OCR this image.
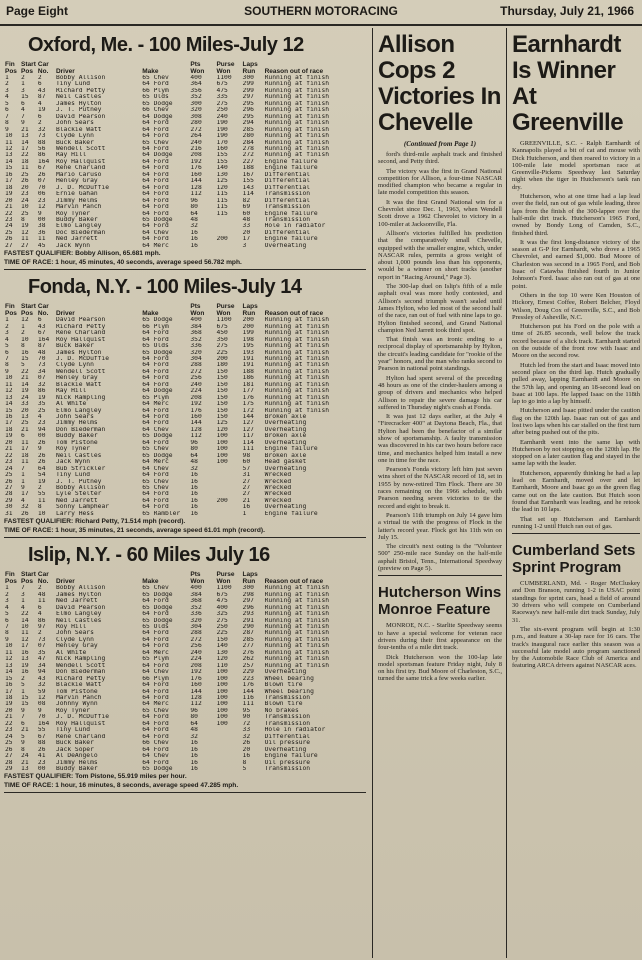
Page Eight	SOUTHERN MOTORACING	Thursday, July 21, 1966
Oxford, Me. - 100 Miles-July 12
Fin Pos	Start Pos	Car No.	Driver	Make	Pts Won	Purse Won	Laps Run	Reason out of race
1	2	2	Bobby Allison	65 Chev	400	1100	300	Running at finish
2	1	6	Tiny Lund	64 Ford	364	675	299	Running at finish
3	3	43	Richard Petty	66 Plym	356	475	299	Running at finish
4	15	87	Neil Castles	65 Olds	352	335	297	Running at finish
5	6	4	James Hylton	65 Dodge	300	275	295	Running at finish
6	4	19	J. T. Putney	66 Chev	320	250	296	Running at finish
7	7	6	David Pearson	64 Dodge	308	240	295	Running at finish
8	9	2	John Sears	64 Ford	280	190	294	Running at finish
9	21	32	Blackie Watt	64 Ford	272	190	285	Running at finish
10	13	73	Clyde Lynn	64 Ford	264	190	280	Running at finish
11	14	88	Buck Baker	65 Chev	240	170	284	Running at finish
12	17	56	Wendell Scott	64 Ford	216	160	278	Running at finish
13	22	86	Ray Hill	64 Dodge	208	155	272	Running at finish
14	18	164	Roy Hallquist	64 Ford	192	155	227	Engine failure
15	11	67	Rene Charland	64 Ford	176	140	188	Engine failure
16	25	26	Mario Caruso	64 Ford	160	130	167	Differential
17	26	07	Henley Gray	64 Ford	144	125	155	Differential
18	20	70	J. D. McDuffie	64 Ford	128	120	143	Differential
19	23	06	Ernie Gahan	64 Ford	112	115	114	Transmission
20	24	23	Jimmy Helms	64 Ford	96	115	82	Differential
21	10	12	Marvin Panch	64 Ford	80	115	69	Transmission
22	25	9	Roy Tyner	64 Ford	64	115	60	Engine failure
23	8	00	Buddy Baker	65 Dodge	48		48	Transmission
24	19	38	Elmo Langley	64 Ford	32		33	Hole in radiator
25	12	36	Doc Biederman	64 Chev	16		20	Differential
26	11	11	Ned Jarrett	64 Ford	16	200	17	Engine failure
27	27	45	Jack Wynn	64 Merc	16		3	Overheating
FASTEST QUALIFIER: Bobby Allison, 65.681 mph.
TIME OF RACE: 1 hour, 45 minutes, 40 seconds, average speed 56.782 mph.
Fonda, N.Y. - 100 Miles-July 14
Fin Pos	Start Pos	Car No.	Driver	Make	Pts Won	Purse Won	Laps Run	Reason out of race
1	12	6	David Pearson	65 Dodge	400	1100	200	Running at finish
2	1	43	Richard Petty	66 Plym	384	675	200	Running at finish
3	2	67	Rene Charland	64 Ford	368	450	199	Running at finish
4	10	164	Roy Hallquist	64 Ford	352	350	198	Running at finish
5	8	87	Buck Baker	65 Olds	336	275	195	Running at finish
6	16	48	James Hylton	65 Dodge	320	225	193	Running at finish
7	15	70	J. D. McDuffie	64 Ford	304	200	191	Running at finish
8	5	73	Clyde Lynn	64 Ford	288	180	191	Running at finish
9	22	34	Wendell Scott	64 Ford	272	150	188	Running at finish
10	21	07	Henley Gray	64 Ford	256	150	186	Running at finish
11	14	32	Blackie Watt	64 Ford	240	150	181	Running at finish
12	19	86	Ray Hill	64 Dodge	224	150	177	Running at finish
13	24	19	Nick Rampling	65 Plym	208	150	176	Running at finish
14	33	35	Al White	64 Merc	192	150	175	Running at finish
15	20	25	Elmo Langley	64 Ford	176	150	172	Running at finish
16	13	4	John Sears	64 Ford	160	150	144	Broken axle
17	25	23	Jimmy Helms	64 Ford	144	125	127	Overheating
18	21	94	Don Biederman	64 Chev	128	120	127	Overheating
19	6	00	Buddy Baker	65 Dodge	112	100	117	Broken axle
20	11	26	Tom Pistone	64 Ford	96	100	114	Overheating
21	17	9	Roy Tyner	65 Chev	80	100	111	Engine failure
22	18	26	Neil Castles	65 Dodge	64	100	98	Broken axle
23	11	26	Jack Wynn	64 Merc	48	100	60	Head gasket
24	7	64	Bub Strickler	64 Chev	32		57	Overheating
25	1	54	Tiny Lund	64 Ford	16		31	Wrecked
26	1	19	J. T. Putney	65 Chev	16		27	Wrecked
27	9	2	Bobby Allison	65 Chev	16		27	Wrecked
28	17	55	Lyle Stelter	64 Ford	16		27	Wrecked
29	4	11	Ned Jarrett	64 Ford	16	200	21	Wrecked
30	32	8	Sonny Lamphear	64 Ford	16		16	Overheating
31	26	10	Larry Hess	65 Rambler	16		1	Engine failure
FASTEST QUALIFIER: Richard Petty, 71.514 mph (record).
TIME OF RACE: 1 hour, 35 minutes, 21 seconds, average speed 61.01 mph (record).
Islip, N.Y. - 60 Miles July 16
Fin Pos	Start Pos	Car No.	Driver	Make	Pts Won	Purse Won	Laps Run	Reason out of race
1	7	2	Bobby Allison	65 Chev	400	1100	300	Running at finish
2	3	48	James Hylton	65 Dodge	384	675	298	Running at finish
3	1	11	Ned Jarrett	64 Ford	368	475	297	Running at finish
4	4	6	David Pearson	65 Dodge	352	400	296	Running at finish
5	22	4	Elmo Langley	64 Ford	336	325	293	Running at finish
6	14	86	Neil Castles	65 Dodge	320	275	291	Running at finish
7	10	97	Roy Hill	65 Olds	304	250	290	Running at finish
8	11	2	John Sears	64 Ford	288	225	287	Running at finish
9	12	73	Clyde Lynn	64 Ford	272	150	285	Running at finish
10	17	07	Henley Gray	64 Ford	256	140	277	Running at finish
11	16	35	Al White	64 Merc	240	130	276	Running at finish
12	13	47	Nick Rampling	65 Plym	224	120	262	Running at finish
13	19	34	Wendell Scott	64 Ford	208	110	257	Running at finish
14	16	94	Don Biederman	64 Chev	192	100	229	Overheating
15	2	43	Richard Petty	66 Plym	176	100	223	Wheel bearing
16	5	32	Blackie Watt	64 Ford	160	100	176	Blown tire
17	1	59	Tom Pistone	64 Ford	144	100	144	Wheel bearing
18	15	12	Marvin Panch	64 Ford	128	100	116	Transmission
19	15	08	Johnny Wynn	64 Merc	112	100	111	Blown tire
20	9	9	Roy Tyner	65 Chev	96	100	95	No brakes
21	7	70	J. D. McDuffie	64 Ford	80	100	90	Transmission
22	6	164	Roy Hallquist	64 Ford	64	100	72	Transmission
23	21	55	Tiny Lund	64 Ford	48		33	Hole in radiator
24	5	67	Rene Charland	64 Ford	32		32	Differential
25	9	88	Buck Baker	66 Chev	16		26	Oil pressure
26	8	26	Jack Soper	64 Ford	16		20	Overheating
27	24	41	Al DeAngelo	64 Chev	16		16	Engine failure
28	21	23	Jimmy Helms	64 Ford	16		8	Oil pressure
29	13	00	Buddy Baker	65 Dodge	16		5	Transmission
FASTEST QUALIFIER: Tom Pistone, 55.919 miles per hour.
TIME OF RACE: 1 hour, 16 minutes, 8 seconds, average speed 47.285 mph.
Allison Cops 2 Victories In Chevelle
(Continued from Page 1)

ford's third-mile asphalt track and finished second, and Petty third.

The victory was the first in Grand National competition for Allison, a four-time NASCAR modified champion who became a regular in late model competition this season.

It was the first Grand National win for a Chevrolet since Dec. 1, 1963, when Wendell Scott drove a 1962 Chevrolet to victory in a 100-miler at Jacksonville, Fla.

Allison's victories fulfilled his prediction that the comparatively small Chevelle, equipped with the smaller engine, which, under NASCAR rules, permits a gross weight of about 1,000 pounds less than his opponents, would be a winner on short tracks (another report in "Racing Around," Page 3).

The 300-lap duel on Islip's fifth of a mile asphalt oval was more hotly contested, and Allison's second triumph wasn't sealed until James Hylton, who led most of the second half of the race, ran out of fuel with nine laps to go. Hylton finished second, and Grand National champion Ned Jarrett took third spot.

That finish was an ironic ending to a reciprocal display of sportsmanship by Hylton, the circuit's leading candidate for "rookie of the year" honors, and the man who ranks second to Pearson in national point standings.

Hylton had spent several of the preceding 48 hours as one of the cinder-haulers among a group of drivers and mechanics who helped Allison to repair the severe damage his car suffered in Thursday night's crash at Fonda.

It was just 12 days earlier, at the July 4 "Firecracker 400" at Daytona Beach, Fla., that Hylton had been the benefactor of a similar show of sportsmanship. A faulty transmission was discovered in his car two hours before race time, and mechanics helped him install a new one in time for the race.

Pearson's Fonda victory left him just seven wins short of the NASCAR record of 18, set in 1955 by now-retired Tim Flock. There are 30 races remaining on the 1966 schedule, with Pearson needing seven victories to tie the record and eight to break it.

Pearson's 11th triumph on July 14 gave him a virtual tie with the progress of Flock in the latter's record year. Flock got his 11th win on July 15.

The circuit's next outing is the "Volunteer 500" 250-mile race Sunday on the half-mile asphalt Bristol, Tenn., International Speedway (preview on Page 5).

Hutcherson Wins Monroe Feature

MONROE, N.C. - Starlite Speedway seems to have a special welcome for veteran race drivers during their first appearance on the four-tenths of a mile dirt track.

Dick Hutcherson won the 100-lap late model sportsman feature Friday night, July 8 on his first try. Bud Moore of Charleston, S.C., turned the same trick a few weeks earlier.

Earnhardt Is Winner At Greenville

GREENVILLE, S.C. - Ralph Earnhardt of Kannapolis played a bit of cat and mouse with Dick Hutcherson, and then roared to victory in a 100-mile late model sportsman race at Greenville-Pickens Speedway last Saturday night when the tiger in Hutcherson's tank ran dry.

Hutcherson, who at one time had a lap lead over the field, ran out of gas while leading, three laps from the finish of the 300-lapper over the half-mile dirt track. Hutcherson's 1965 Ford, owned by Bondy Long of Camden, S.C., finished third.

It was the first long-distance victory of the season at G-P for Earnhardt, who drove a 1965 Chevrolet, and earned $1,000. Bud Moore of Charleston was second in a 1965 Ford, and Bob Isaac of Catawba finished fourth in Junior Johnson's Ford. Isaac also ran out of gas at one point.

Others in the top 10 were Ken Houston of Hickory, Ernest Coffee, Robert Belcher, Floyd Wilson, Doug Cox of Greenville, S.C., and Bob Pressley of Asheville, N.C.

Hutcherson put his Ford on the pole with a time of 26.85 seconds, well below the track record because of a slick track. Earnhardt started on the outside of the front row with Isaac and Moore on the second row.

Hutch led from the start and Isaac moved into second place on the third lap. Hutch gradually pulled away, lapping Earnhardt and Moore on the 57th lap, and opening an 18-second lead on Isaac at 100 laps. He lapped Isaac on the 118th lap to go into a lap by himself.

Hutcherson and Isaac pitted under the caution flag on the 120th lap. Isaac ran out of gas and lost two laps when his car stalled on the first turn after being pushed out of the pits.

Earnhardt went into the same lap with Hutcherson by not stopping on the 120th lap. He stopped on a later caution flag and stayed in the same lap with the leader.

Hutcherson, apparently thinking he had a lap lead on Earnhardt, moved over and let Earnhardt, Moore and Isaac go as the green flag came out on the late caution. But Hutch soon found that Earnhardt was leading, and he retook the lead in 10 laps.

That set up Hutcherson and Earnhardt running 1-2 until Hutch ran out of gas.

Cumberland Sets Sprint Program

CUMBERLAND, Md. - Roger McCluskey and Don Branson, running 1-2 in USAC point standings for sprint cars, head a field of around 30 drivers who will compete on Cumberland Raceway's new half-mile dirt track Sunday, July 31.

The six-event program will begin at 1:30 p.m., and feature a 30-lap race for 16 cars. The track's inaugural race earlier this season was a successful late model auto program sanctioned by the Automobile Race Club of America and featuring ARCA drivers against NASCAR aces.
